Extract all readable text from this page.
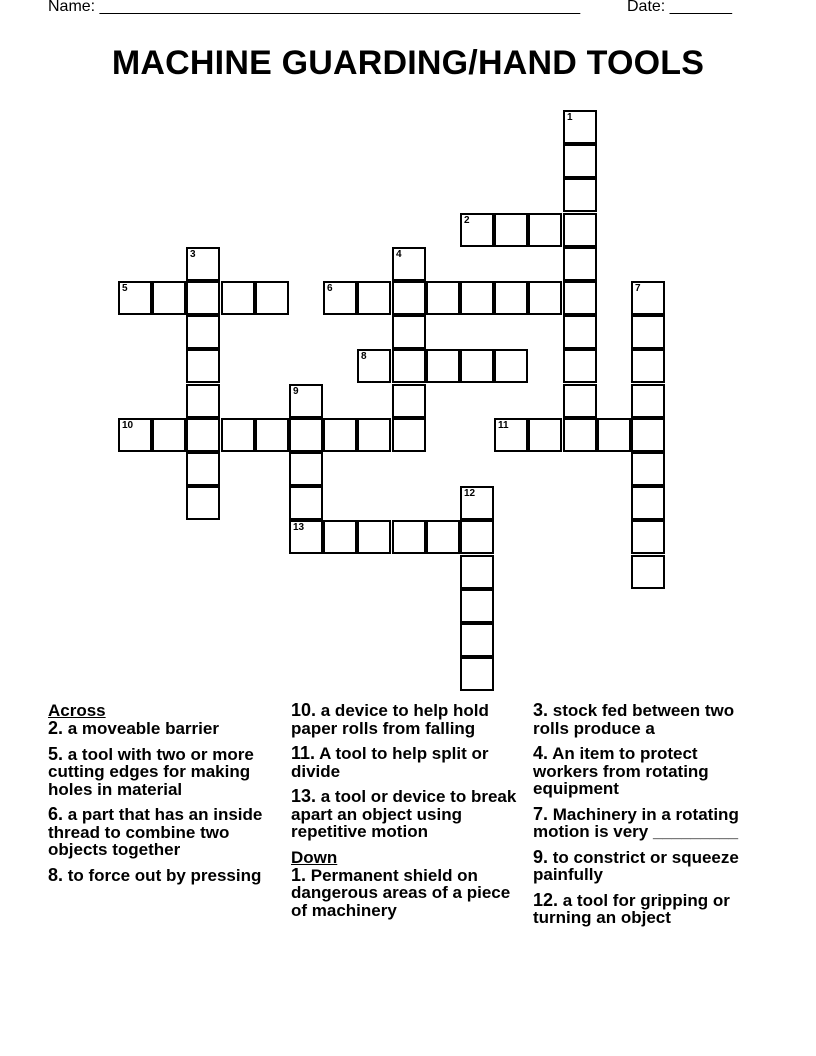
Name: ______________________________________________________	Date: _______
MACHINE GUARDING/HAND TOOLS
1
2
3	4
5	6	7
8
9
13
10	11
12
Across
2. a moveable barrier
5. a tool with two or more cutting edges for making holes in material
6. a part that has an inside thread to combine two objects together
8. to force out by pressing
10. a device to help hold paper rolls from falling
11. A tool to help split or divide
13. a tool or device to break apart an object using repetitive motion
Down
1. Permanent shield on dangerous areas of a piece of machinery
3. stock fed between two rolls produce a
4. An item to protect workers from rotating equipment
7. Machinery in a rotating motion is very _________
9. to constrict or squeeze painfully
12. a tool for gripping or turning an object
